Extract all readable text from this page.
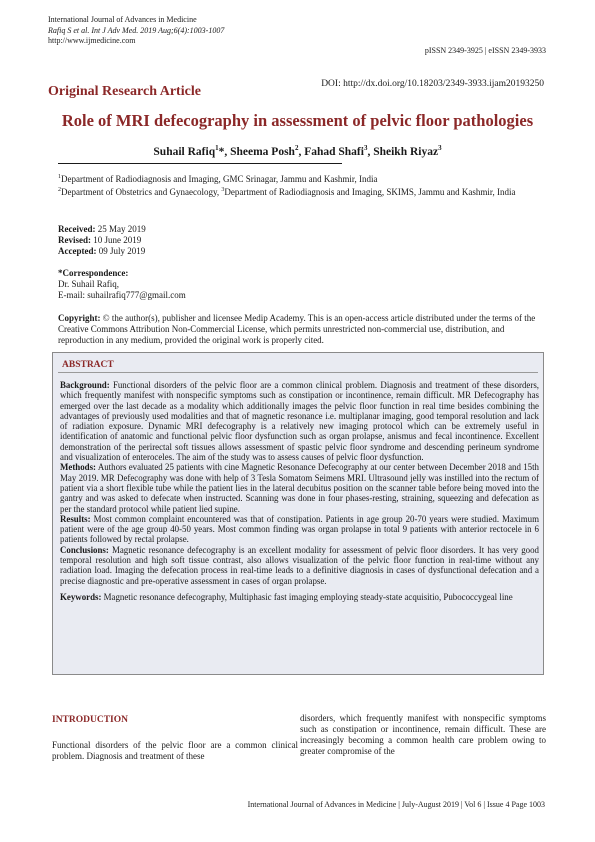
International Journal of Advances in Medicine
Rafiq S et al. Int J Adv Med. 2019 Aug;6(4):1003-1007
http://www.ijmedicine.com
pISSN 2349-3925 | eISSN 2349-3933
DOI: http://dx.doi.org/10.18203/2349-3933.ijam20193250
Original Research Article
Role of MRI defecography in assessment of pelvic floor pathologies
Suhail Rafiq$^1$*, Sheema Posh$^2$, Fahad Shafi$^3$, Sheikh Riyaz$^3$
$^1$Department of Radiodiagnosis and Imaging, GMC Srinagar, Jammu and Kashmir, India
$^2$Department of Obstetrics and Gynaecology, $^3$Department of Radiodiagnosis and Imaging, SKIMS, Jammu and Kashmir, India
Received: 25 May 2019
Revised: 10 June 2019
Accepted: 09 July 2019
*Correspondence:
Dr. Suhail Rafiq,
E-mail: suhailrafiq777@gmail.com
Copyright: © the author(s), publisher and licensee Medip Academy. This is an open-access article distributed under the terms of the Creative Commons Attribution Non-Commercial License, which permits unrestricted non-commercial use, distribution, and reproduction in any medium, provided the original work is properly cited.
ABSTRACT

Background: Functional disorders of the pelvic floor are a common clinical problem. Diagnosis and treatment of these disorders, which frequently manifest with nonspecific symptoms such as constipation or incontinence, remain difficult. MR Defecography has emerged over the last decade as a modality which additionally images the pelvic floor function in real time besides combining the advantages of previously used modalities and that of magnetic resonance i.e. multiplanar imaging, good temporal resolution and lack of radiation exposure. Dynamic MRI defecography is a relatively new imaging protocol which can be extremely useful in identification of anatomic and functional pelvic floor dysfunction such as organ prolapse, anismus and fecal incontinence. Excellent demonstration of the perirectal soft tissues allows assessment of spastic pelvic floor syndrome and descending perineum syndrome and visualization of enteroceles. The aim of the study was to assess causes of pelvic floor dysfunction.

Methods: Authors evaluated 25 patients with cine Magnetic Resonance Defecography at our center between December 2018 and 15th May 2019. MR Defecography was done with help of 3 Tesla Somatom Seimens MRI. Ultrasound jelly was instilled into the rectum of patient via a short flexible tube while the patient lies in the lateral decubitus position on the scanner table before being moved into the gantry and was asked to defecate when instructed. Scanning was done in four phases-resting, straining, squeezing and defecation as per the standard protocol while patient lied supine.

Results: Most common complaint encountered was that of constipation. Patients in age group 20-70 years were studied. Maximum patient were of the age group 40-50 years. Most common finding was organ prolapse in total 9 patients with anterior rectocele in 6 patients followed by rectal prolapse.

Conclusions: Magnetic resonance defecography is an excellent modality for assessment of pelvic floor disorders. It has very good temporal resolution and high soft tissue contrast, also allows visualization of the pelvic floor function in real-time without any radiation load. Imaging the defecation process in real-time leads to a definitive diagnosis in cases of dysfunctional defecation and a precise diagnostic and pre-operative assessment in cases of organ prolapse.

Keywords: Magnetic resonance defecography, Multiphasic fast imaging employing steady-state acquisitio, Pubococcygeal line

INTRODUCTION
Functional disorders of the pelvic floor are a common clinical problem. Diagnosis and treatment of these
disorders, which frequently manifest with nonspecific symptoms such as constipation or incontinence, remain difficult. These are increasingly becoming a common health care problem owing to greater compromise of the
International Journal of Advances in Medicine | July-August 2019 | Vol 6 | Issue 4 Page 1003
